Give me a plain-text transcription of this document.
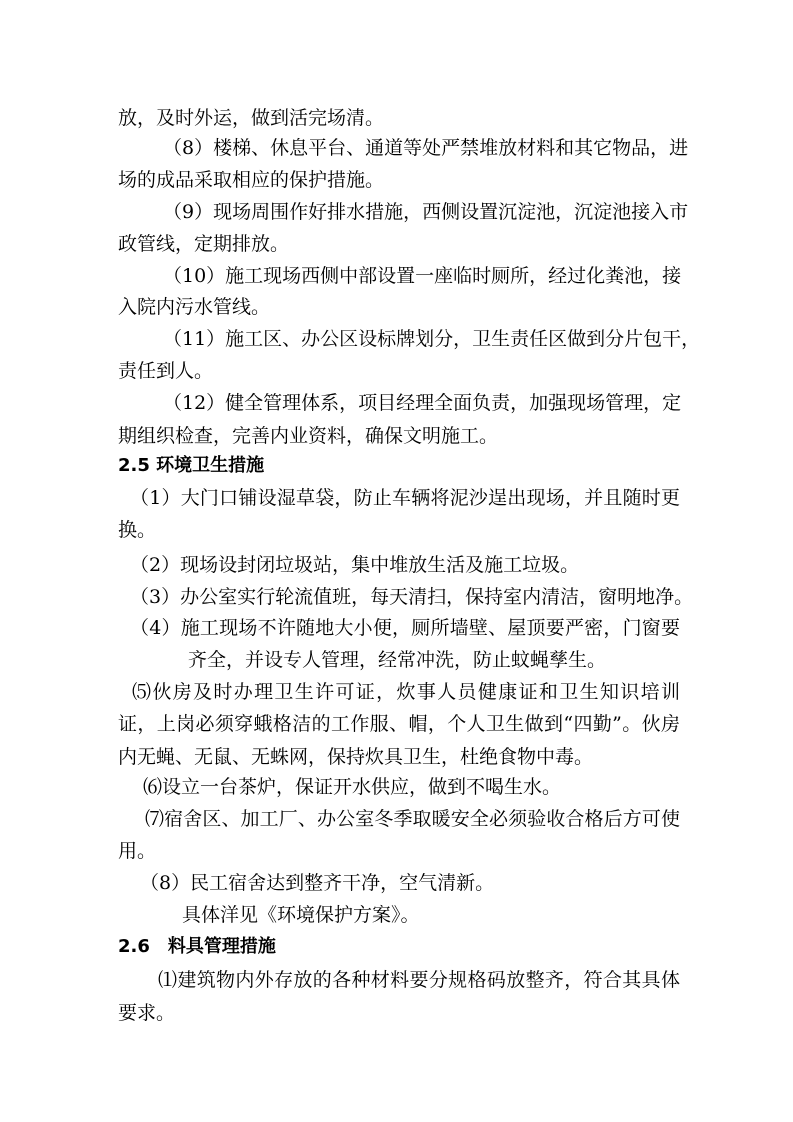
放，及时外运，做到活完场清。
（8）楼梯、休息平台、通道等处严禁堆放材料和其它物品，进
场的成品采取相应的保护措施。
（9）现场周围作好排水措施，西侧设置沉淀池，沉淀池接入市
政管线，定期排放。
（10）施工现场西侧中部设置一座临时厕所，经过化粪池，接
入院内污水管线。
（11）施工区、办公区设标牌划分，卫生责任区做到分片包干，
责任到人。
（12）健全管理体系，项目经理全面负责，加强现场管理，定
期组织检查，完善内业资料，确保文明施工。
2.5 环境卫生措施
（1）大门口铺设湿草袋，防止车辆将泥沙逞出现场，并且随时更
换。
（2）现场设封闭垃圾站，集中堆放生活及施工垃圾。
（3）办公室实行轮流值班，每天清扫，保持室内清洁，窗明地净。
（4）施工现场不许随地大小便，厕所墙壁、屋顶要严密，门窗要
齐全，并设专人管理，经常冲洗，防止蚊蝇孳生。
⑸伙房及时办理卫生许可证，炊事人员健康证和卫生知识培训
证，上岗必须穿蛾格洁的工作服、帽，个人卫生做到“四勤”。伙房
内无蝇、无鼠、无蛛网，保持炊具卫生，杜绝食物中毒。
⑹设立一台茶炉，保证开水供应，做到不喝生水。
⑺宿舍区、加工厂、办公室冬季取暖安全必须验收合格后方可使
用。
（8）民工宿舍达到整齐干净，空气清新。
具体洋见《环境保护方案》。
2.6　料具管理措施
⑴建筑物内外存放的各种材料要分规格码放整齐，符合其具体
要求。
